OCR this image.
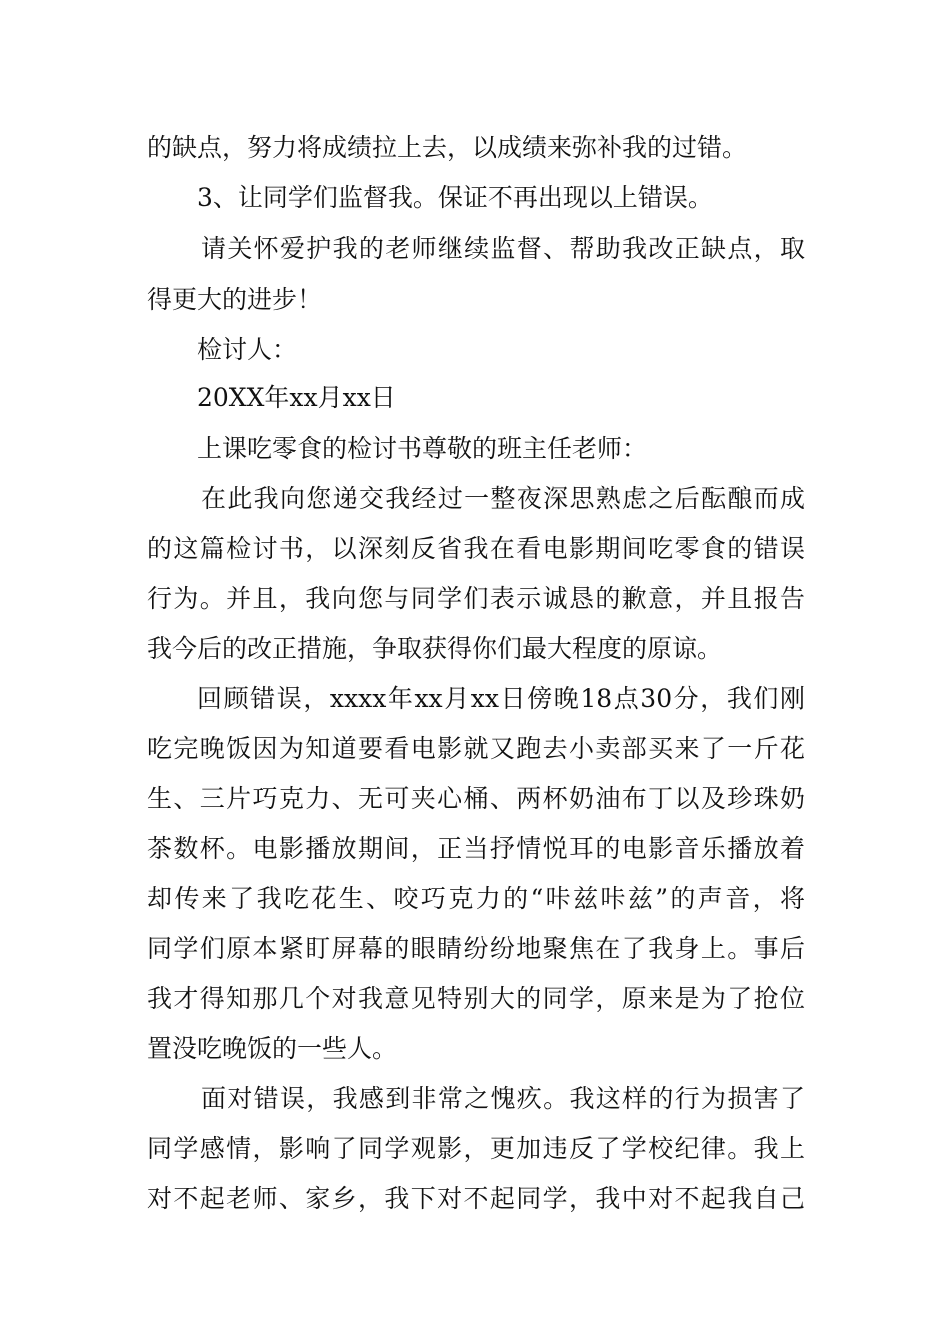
的缺点，努力将成绩拉上去，以成绩来弥补我的过错。
3、让同学们监督我。保证不再出现以上错误。
请关怀爱护我的老师继续监督、帮助我改正缺点，取
得更大的进步！
检讨人：
20XX年xx月xx日
上课吃零食的检讨书尊敬的班主任老师：
在此我向您递交我经过一整夜深思熟虑之后酝酿而成
的这篇检讨书，以深刻反省我在看电影期间吃零食的错误
行为。并且，我向您与同学们表示诚恳的歉意，并且报告
我今后的改正措施，争取获得你们最大程度的原谅。
回顾错误，xxxx年xx月xx日傍晚18点30分，我们刚
吃完晚饭因为知道要看电影就又跑去小卖部买来了一斤花
生、三片巧克力、无可夹心桶、两杯奶油布丁以及珍珠奶
茶数杯。电影播放期间，正当抒情悦耳的电影音乐播放着
却传来了我吃花生、咬巧克力的“咔兹咔兹”的声音，将
同学们原本紧盯屏幕的眼睛纷纷地聚焦在了我身上。事后
我才得知那几个对我意见特别大的同学，原来是为了抢位
置没吃晚饭的一些人。
面对错误，我感到非常之愧疚。我这样的行为损害了
同学感情，影响了同学观影，更加违反了学校纪律。我上
对不起老师、家乡，我下对不起同学，我中对不起我自己
